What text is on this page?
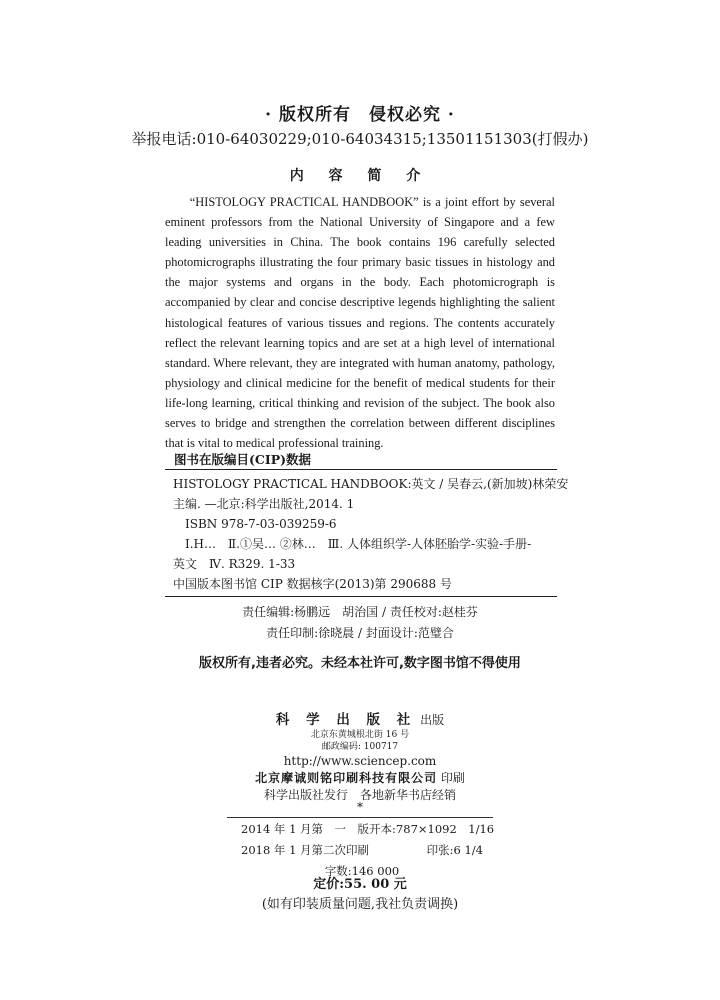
· 版权所有　侵权必究 ·
举报电话:010-64030229;010-64034315;13501151303(打假办)
内 容 简 介

“HISTOLOGY PRACTICAL HANDBOOK” is a joint effort by several eminent professors from the National University of Singapore and a few leading universities in China. The book contains 196 carefully selected photomicrographs illustrating the four primary basic tissues in histology and the major systems and organs in the body. Each photomicrograph is accompanied by clear and concise descriptive legends highlighting the salient histological features of various tissues and regions. The contents accurately reflect the relevant learning topics and are set at a high level of international standard. Where relevant, they are integrated with human anatomy, pathology, physiology and clinical medicine for the benefit of medical students for their life-long learning, critical thinking and revision of the subject. The book also serves to bridge and strengthen the correlation between different disciplines that is vital to medical professional training.

图书在版编目(CIP)数据
HISTOLOGY PRACTICAL HANDBOOK:英文 / 吴春云,(新加坡)林荣安
主编. —北京:科学出版社,2014. 1
　ISBN 978-7-03-039259-6
　Ⅰ.H…　Ⅱ.①吴… ②林…　Ⅲ. 人体组织学-人体胚胎学-实验-手册-
英文　Ⅳ. R329. 1-33
中国版本图书馆 CIP 数据核字(2013)第 290688 号
责任编辑:杨鹏远　胡治国 / 责任校对:赵桂芬
责任印制:徐晓晨 / 封面设计:范璧合
版权所有,违者必究。未经本社许可,数字图书馆不得使用
科 学 出 版 社 出版
北京东黄城根北街 16 号
邮政编码: 100717
http://www.sciencep.com
北京摩诚则铭印刷科技有限公司 印刷
科学出版社发行　各地新华书店经销
*
2014 年 1 月第　一　版 开本:787×1092　1/16
2018 年 1 月第二次印刷	印张:6 1/4
字数:146 000
定价:55. 00 元
(如有印装质量问题,我社负责调换)
